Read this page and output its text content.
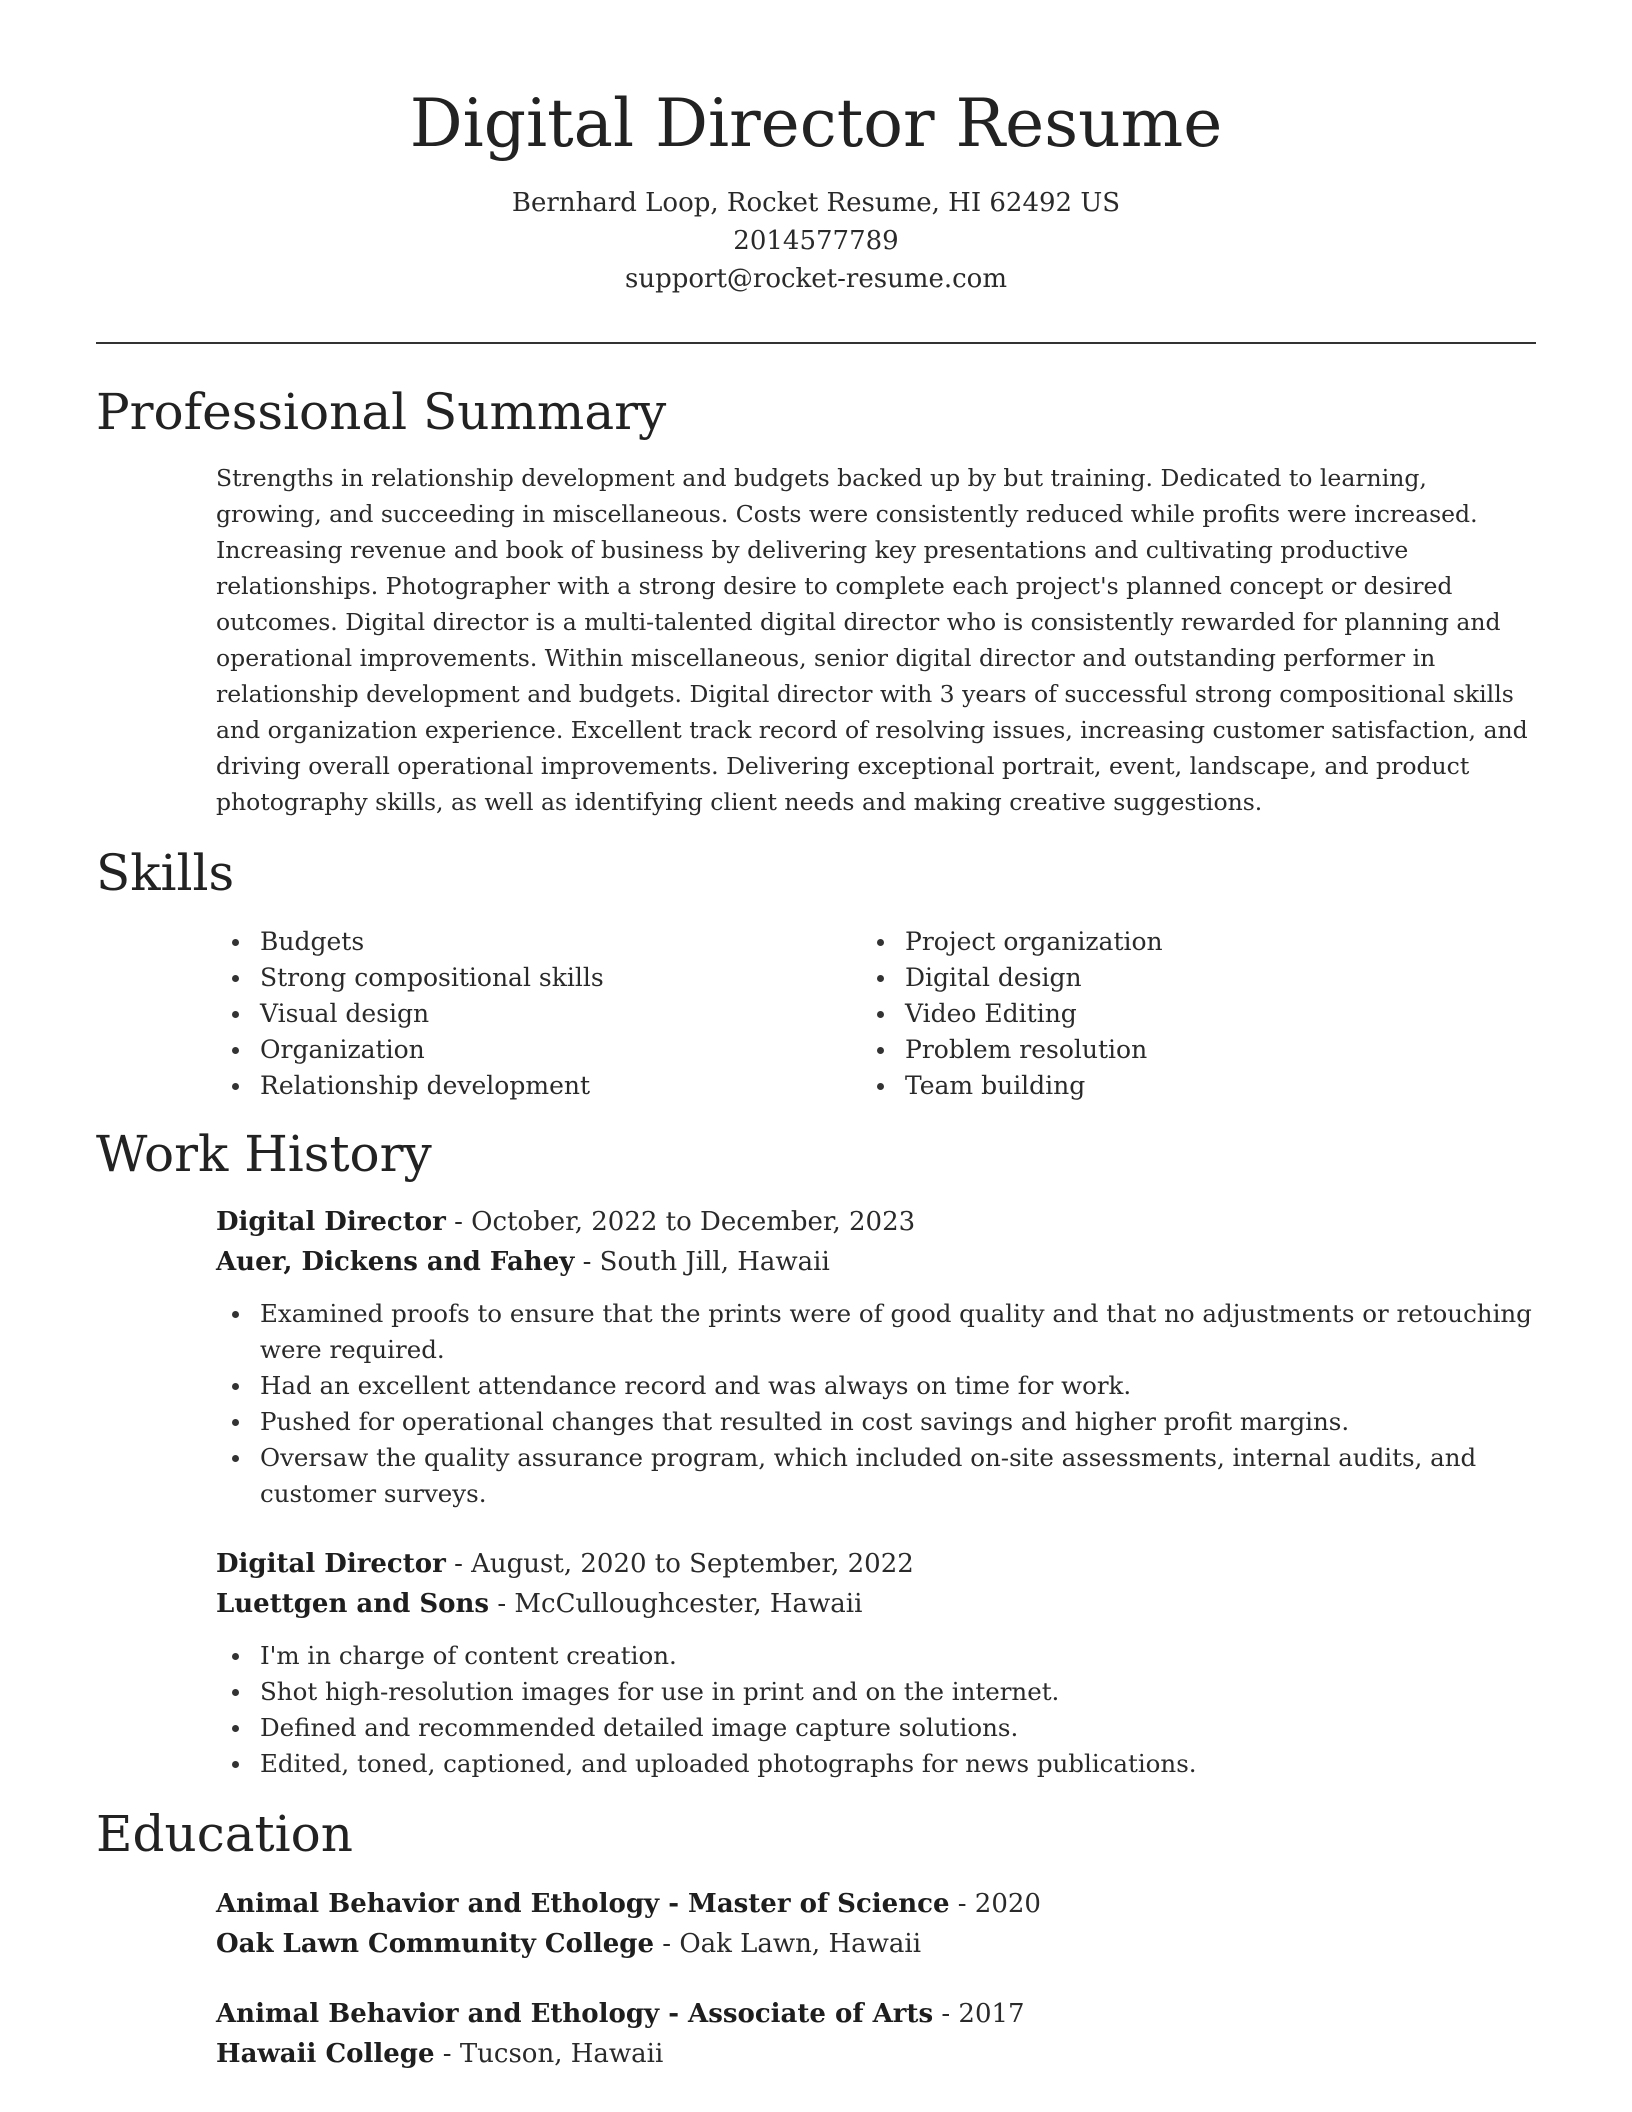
Digital Director Resume
Bernhard Loop, Rocket Resume, HI 62492 US
2014577789
support@rocket-resume.com
Professional Summary

Strengths in relationship development and budgets backed up by but training. Dedicated to learning, growing, and succeeding in miscellaneous. Costs were consistently reduced while profits were increased. Increasing revenue and book of business by delivering key presentations and cultivating productive relationships. Photographer with a strong desire to complete each project's planned concept or desired outcomes. Digital director is a multi-talented digital director who is consistently rewarded for planning and operational improvements. Within miscellaneous, senior digital director and outstanding performer in relationship development and budgets. Digital director with 3 years of successful strong compositional skills and organization experience. Excellent track record of resolving issues, increasing customer satisfaction, and driving overall operational improvements. Delivering exceptional portrait, event, landscape, and product photography skills, as well as identifying client needs and making creative suggestions.

Skills
Budgets
Strong compositional skills
Visual design
Organization
Relationship development
Project organization
Digital design
Video Editing
Problem resolution
Team building
Work History

Digital Director - October, 2022 to December, 2023

Auer, Dickens and Fahey - South Jill, Hawaii

Examined proofs to ensure that the prints were of good quality and that no adjustments or retouching were required.
Had an excellent attendance record and was always on time for work.
Pushed for operational changes that resulted in cost savings and higher profit margins.
Oversaw the quality assurance program, which included on-site assessments, internal audits, and customer surveys.

Digital Director - August, 2020 to September, 2022

Luettgen and Sons - McCulloughcester, Hawaii

I'm in charge of content creation.
Shot high-resolution images for use in print and on the internet.
Defined and recommended detailed image capture solutions.
Edited, toned, captioned, and uploaded photographs for news publications.
Education

Animal Behavior and Ethology - Master of Science - 2020

Oak Lawn Community College - Oak Lawn, Hawaii

Animal Behavior and Ethology - Associate of Arts - 2017

Hawaii College - Tucson, Hawaii
